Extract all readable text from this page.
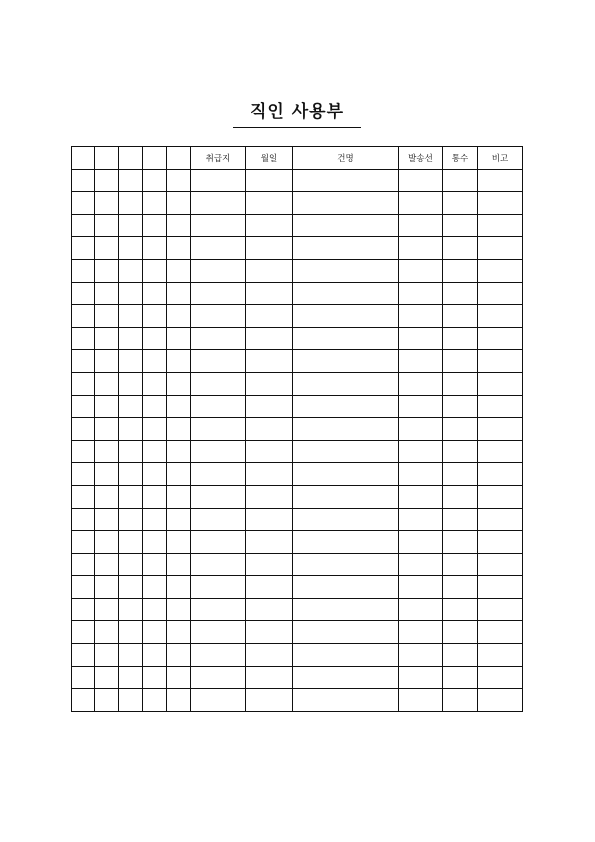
직인 사용부
					취급지	월일	건명	발송선	통수	비고
